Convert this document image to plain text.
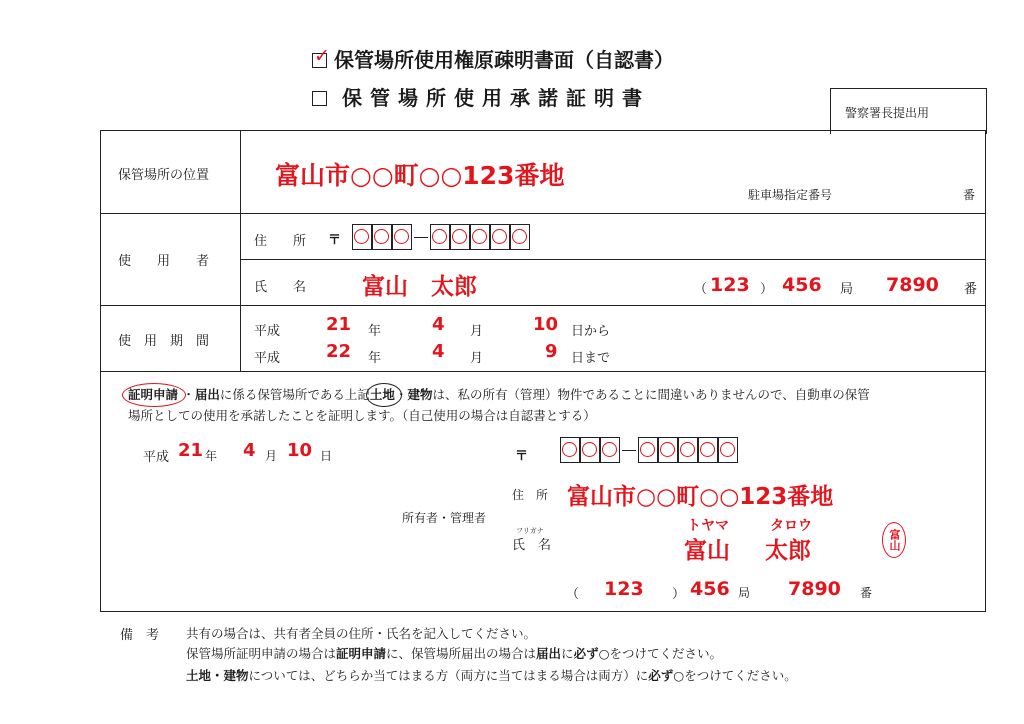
✓ 保管場所使用権原疎明書面（自認書）
保管場所使用承諾証明書
警察署長提出用
保管場所の位置	富山市○○町○○123番地
駐車場指定番号	番
使　　用　　者
住　　所 〒
氏　　名 富山　太郎	（ 123 ） 456 局 7890 番
使　用　期　間
平成	21 年	4 月	10 日から
平成	22 年	4 月	9 日まで
証明申請 ・届出に係る保管場所である上記
土地・建物は、私の所有（管理）物件であることに間違いありませんので、自動車の保管
場所としての使用を承諾したことを証明します。（自己使用の場合は自認書とする）
平成 21 年 4 月 10 日	〒
住　所 富山市○○町○○123番地
所有者・管理者
フリガナ
氏　名
トヤマ	タロウ
富山 太郎	富山
（ 123 ） 456 局 7890 番
備　考 共有の場合は、共有者全員の住所・氏名を記入してください。
保管場所証明申請の場合は証明申請に、保管場所届出の場合は届出に必ず○をつけてください。
土地・建物については、どちらか当てはまる方（両方に当てはまる場合は両方）に必ず○をつけてください。
